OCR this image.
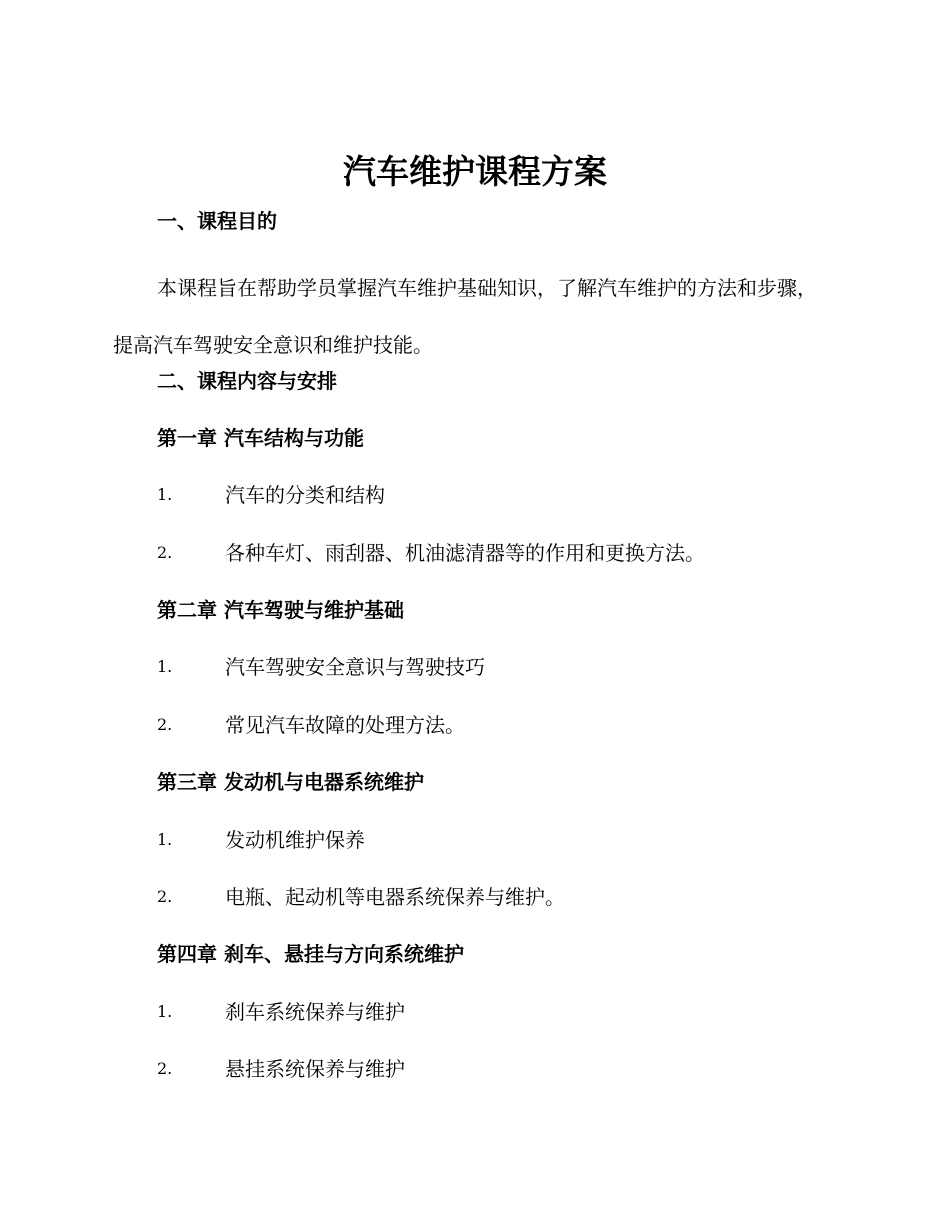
汽车维护课程方案
一、课程目的

本课程旨在帮助学员掌握汽车维护基础知识，了解汽车维护的方法和步骤，提高汽车驾驶安全意识和维护技能。

二、课程内容与安排
第一章 汽车结构与功能
1.	汽车的分类和结构
2.	各种车灯、雨刮器、机油滤清器等的作用和更换方法。
第二章 汽车驾驶与维护基础
1.	汽车驾驶安全意识与驾驶技巧
2.	常见汽车故障的处理方法。
第三章 发动机与电器系统维护
1.	发动机维护保养
2.	电瓶、起动机等电器系统保养与维护。
第四章 刹车、悬挂与方向系统维护
1.	刹车系统保养与维护
2.	悬挂系统保养与维护
